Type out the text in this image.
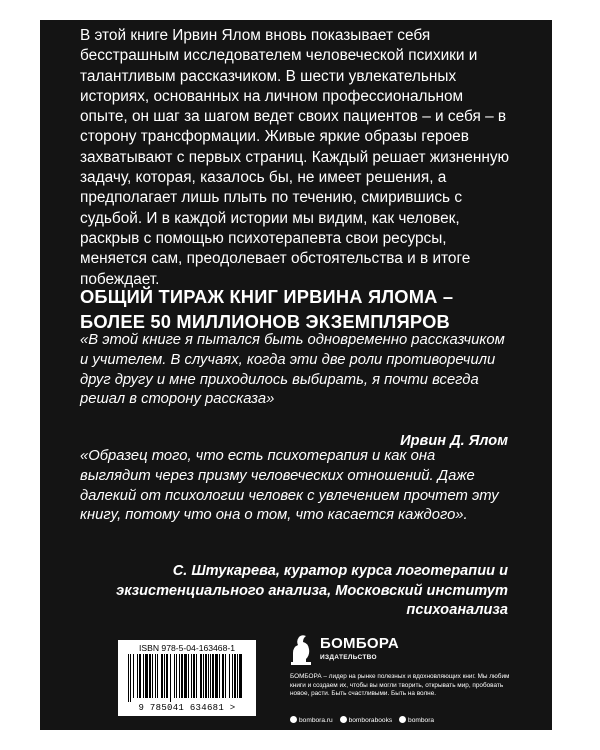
В этой книге Ирвин Ялом вновь показывает себя бесстрашным исследователем человеческой психики и талантливым рассказчиком. В шести увлекательных историях, основанных на личном профессиональном опыте, он шаг за шагом ведет своих пациентов – и себя – в сторону трансформации. Живые яркие образы героев захватывают с первых страниц. Каждый решает жизненную задачу, которая, казалось бы, не имеет решения, а предполагает лишь плыть по течению, смирившись с судьбой. И в каждой истории мы видим, как человек, раскрыв с помощью психотерапевта свои ресурсы, меняется сам, преодолевает обстоятельства и в итоге побеждает.

ОБЩИЙ ТИРАЖ КНИГ ИРВИНА ЯЛОМА –
БОЛЕЕ 50 МИЛЛИОНОВ ЭКЗЕМПЛЯРОВ

«В этой книге я пытался быть одновременно рассказчиком и учителем. В случаях, когда эти две роли противоречили друг другу и мне приходилось выбирать, я почти всегда решал в сторону рассказа»

Ирвин Д. Ялом

«Образец того, что есть психотерапия и как она выглядит через призму человеческих отношений. Даже далекий от психологии человек с увлечением прочтет эту книгу, потому что она о том, что касается каждого».

С. Штукарева, куратор курса логотерапии и экзистенциального анализа, Московский институт психоанализа

ISBN 978-5-04-163468-1

9 785041 634681 >

БОМБОРА

ИЗДАТЕЛЬСТВО

БОМБОРА – лидер на рынке полезных и вдохновляющих книг. Мы любим книги и создаем их, чтобы вы могли творить, открывать мир, пробовать новое, расти. Быть счастливыми. Быть на волне.

bombora.ru bomborabooks bombora
